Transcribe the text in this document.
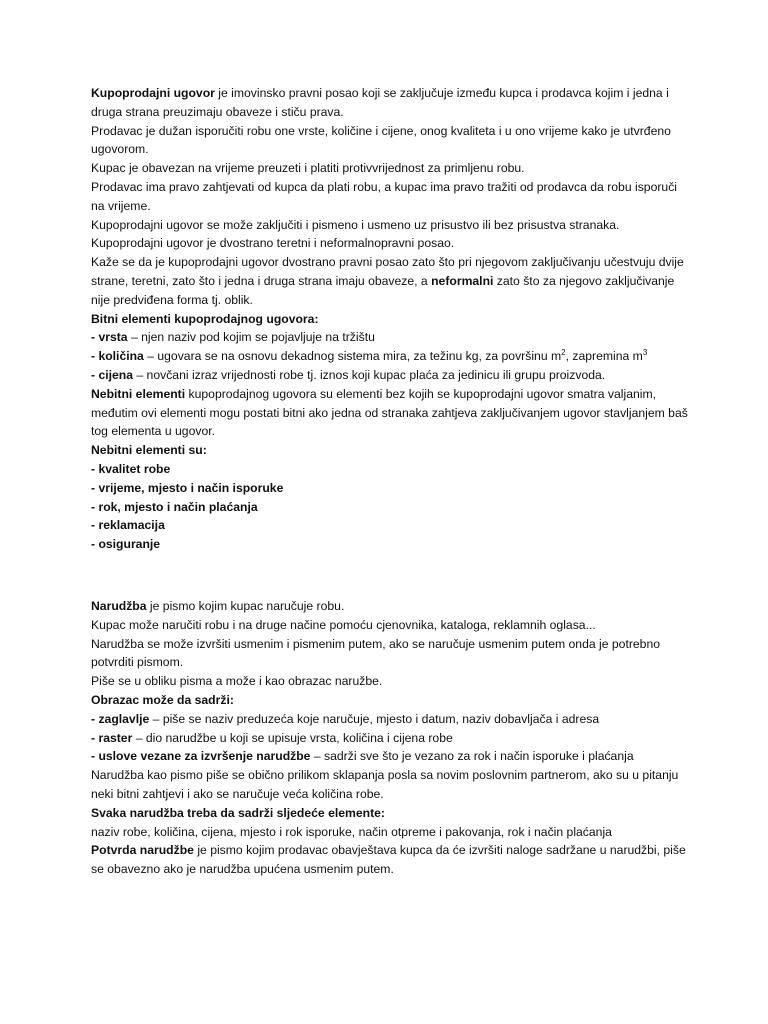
Kupoprodajni ugovor je imovinsko pravni posao koji se zaključuje između kupca i prodavca kojim i jedna i druga strana preuzimaju obaveze i stiču prava.

Prodavac je dužan isporučiti robu one vrste, količine i cijene, onog kvaliteta i u ono vrijeme kako je utvrđeno ugovorom.

Kupac je obavezan na vrijeme preuzeti i platiti protivvrijednost za primljenu robu.

Prodavac ima pravo zahtjevati od kupca da plati robu, a kupac ima pravo tražiti od prodavca da robu isporuči na vrijeme.

Kupoprodajni ugovor se može zaključiti i pismeno i usmeno uz prisustvo ili bez prisustva stranaka.

Kupoprodajni ugovor je dvostrano teretni i neformalnopravni posao.

Kaže se da je kupoprodajni ugovor dvostrano pravni posao zato što pri njegovom zaključivanju učestvuju dvije strane, teretni, zato što i jedna i druga strana imaju obaveze, a neformalni zato što za njegovo zaključivanje nije predviđena forma tj. oblik.

Bitni elementi kupoprodajnog ugovora:

- vrsta – njen naziv pod kojim se pojavljuje na tržištu

- količina – ugovara se na osnovu dekadnog sistema mira, za težinu kg, za površinu $m^2$, zapremina $m^3$

- cijena – novčani izraz vrijednosti robe tj. iznos koji kupac plaća za jedinicu ili grupu proizvoda.

Nebitni elementi kupoprodajnog ugovora su elementi bez kojih se kupoprodajni ugovor smatra valjanim, međutim ovi elementi mogu postati bitni ako jedna od stranaka zahtjeva zaključivanjem ugovor stavljanjem baš tog elementa u ugovor.

Nebitni elementi su:

- kvalitet robe

- vrijeme, mjesto i način isporuke

- rok, mjesto i način plaćanja

- reklamacija

- osiguranje

Narudžba je pismo kojim kupac naručuje robu.

Kupac može naručiti robu i na druge načine pomoću cjenovnika, kataloga, reklamnih oglasa...

Narudžba se može izvršiti usmenim i pismenim putem, ako se naručuje usmenim putem onda je potrebno potvrditi pismom.

Piše se u obliku pisma a može i kao obrazac naružbe.

Obrazac može da sadrži:

- zaglavlje – piše se naziv preduzeća koje naručuje, mjesto i datum, naziv dobavljača i adresa

- raster – dio narudžbe u koji se upisuje vrsta, količina i cijena robe

- uslove vezane za izvršenje narudžbe – sadrži sve što je vezano za rok i način isporuke i plaćanja

Narudžba kao pismo piše se obično prilikom sklapanja posla sa novim poslovnim partnerom, ako su u pitanju neki bitni zahtjevi i ako se naručuje veća količina robe.

Svaka narudžba treba da sadrži sljedeće elemente:

naziv robe, količina, cijena, mjesto i rok isporuke, način otpreme i pakovanja, rok i način plaćanja

Potvrda narudžbe je pismo kojim prodavac obavještava kupca da će izvršiti naloge sadržane u narudžbi, piše se obavezno ako je narudžba upućena usmenim putem.
